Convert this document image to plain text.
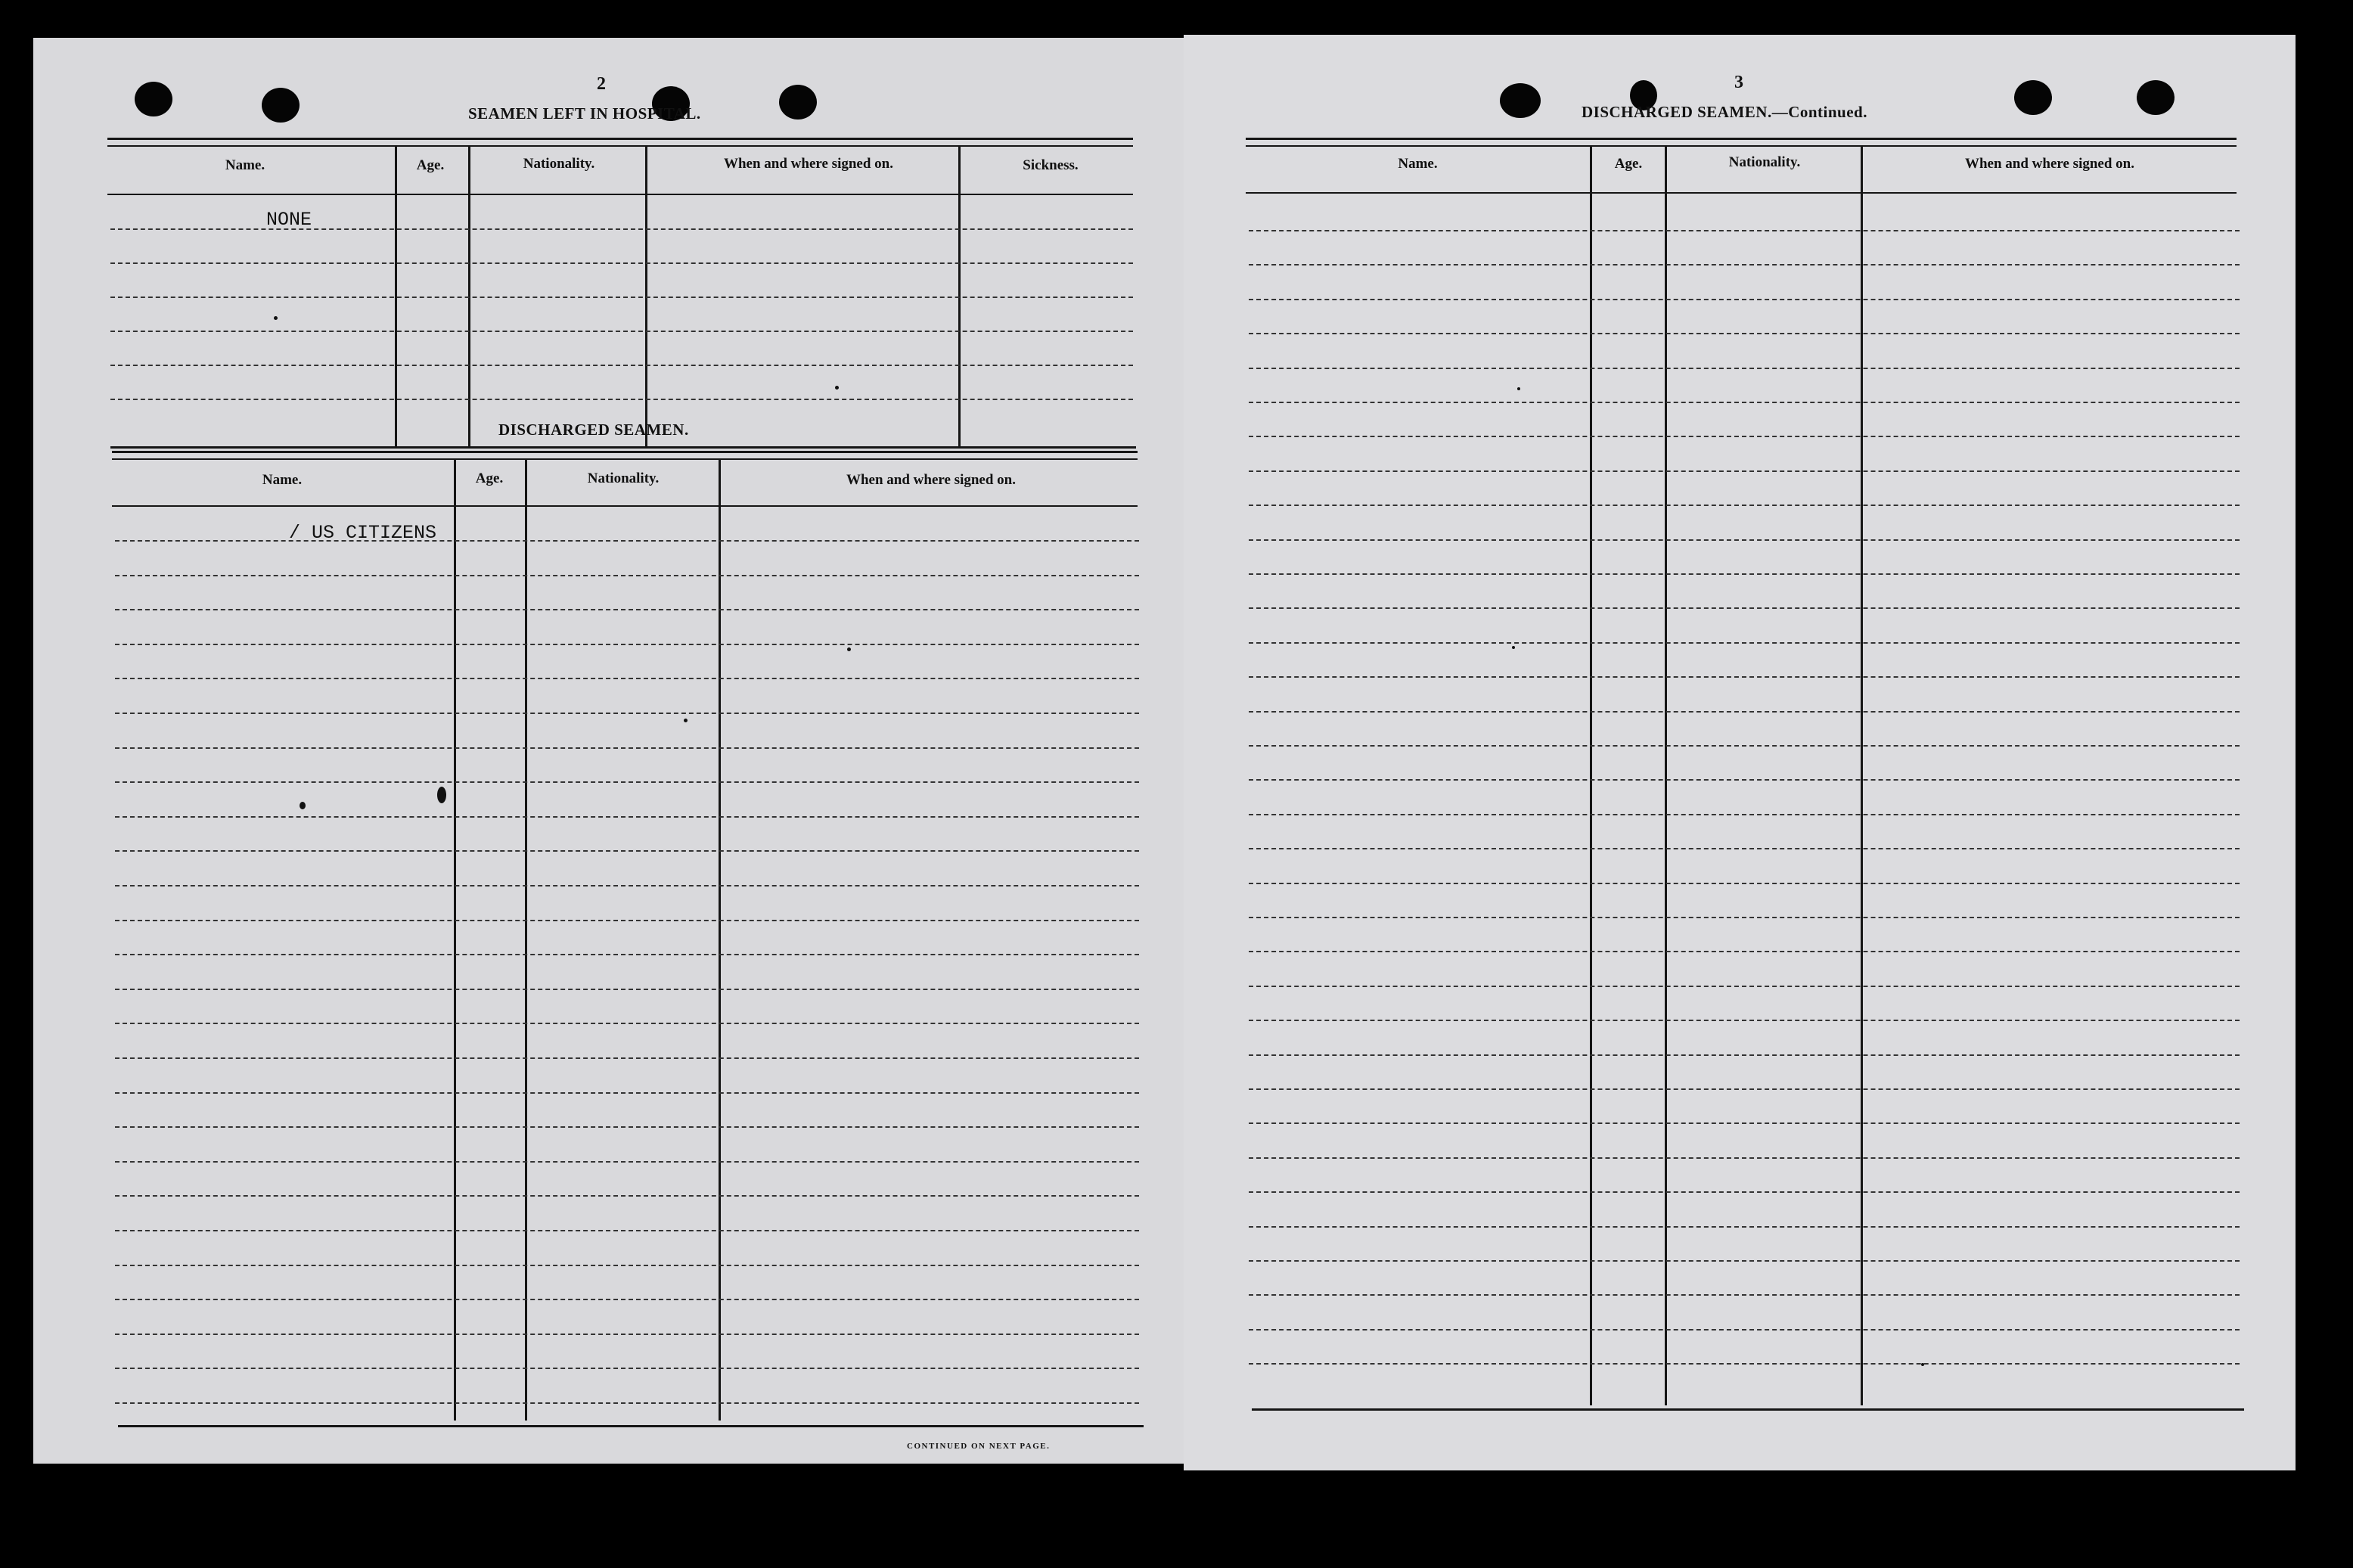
2
SEAMEN LEFT IN HOSPITAL.
Name.	Age.	Nationality.	When and where signed on.	Sickness.
NONE
DISCHARGED SEAMEN.
Name.	Age.	Nationality.	When and where signed on.
/ US CITIZENS
CONTINUED ON NEXT PAGE.
3
DISCHARGED SEAMEN.—Continued.
Name.	Age.	Nationality.	When and where signed on.
